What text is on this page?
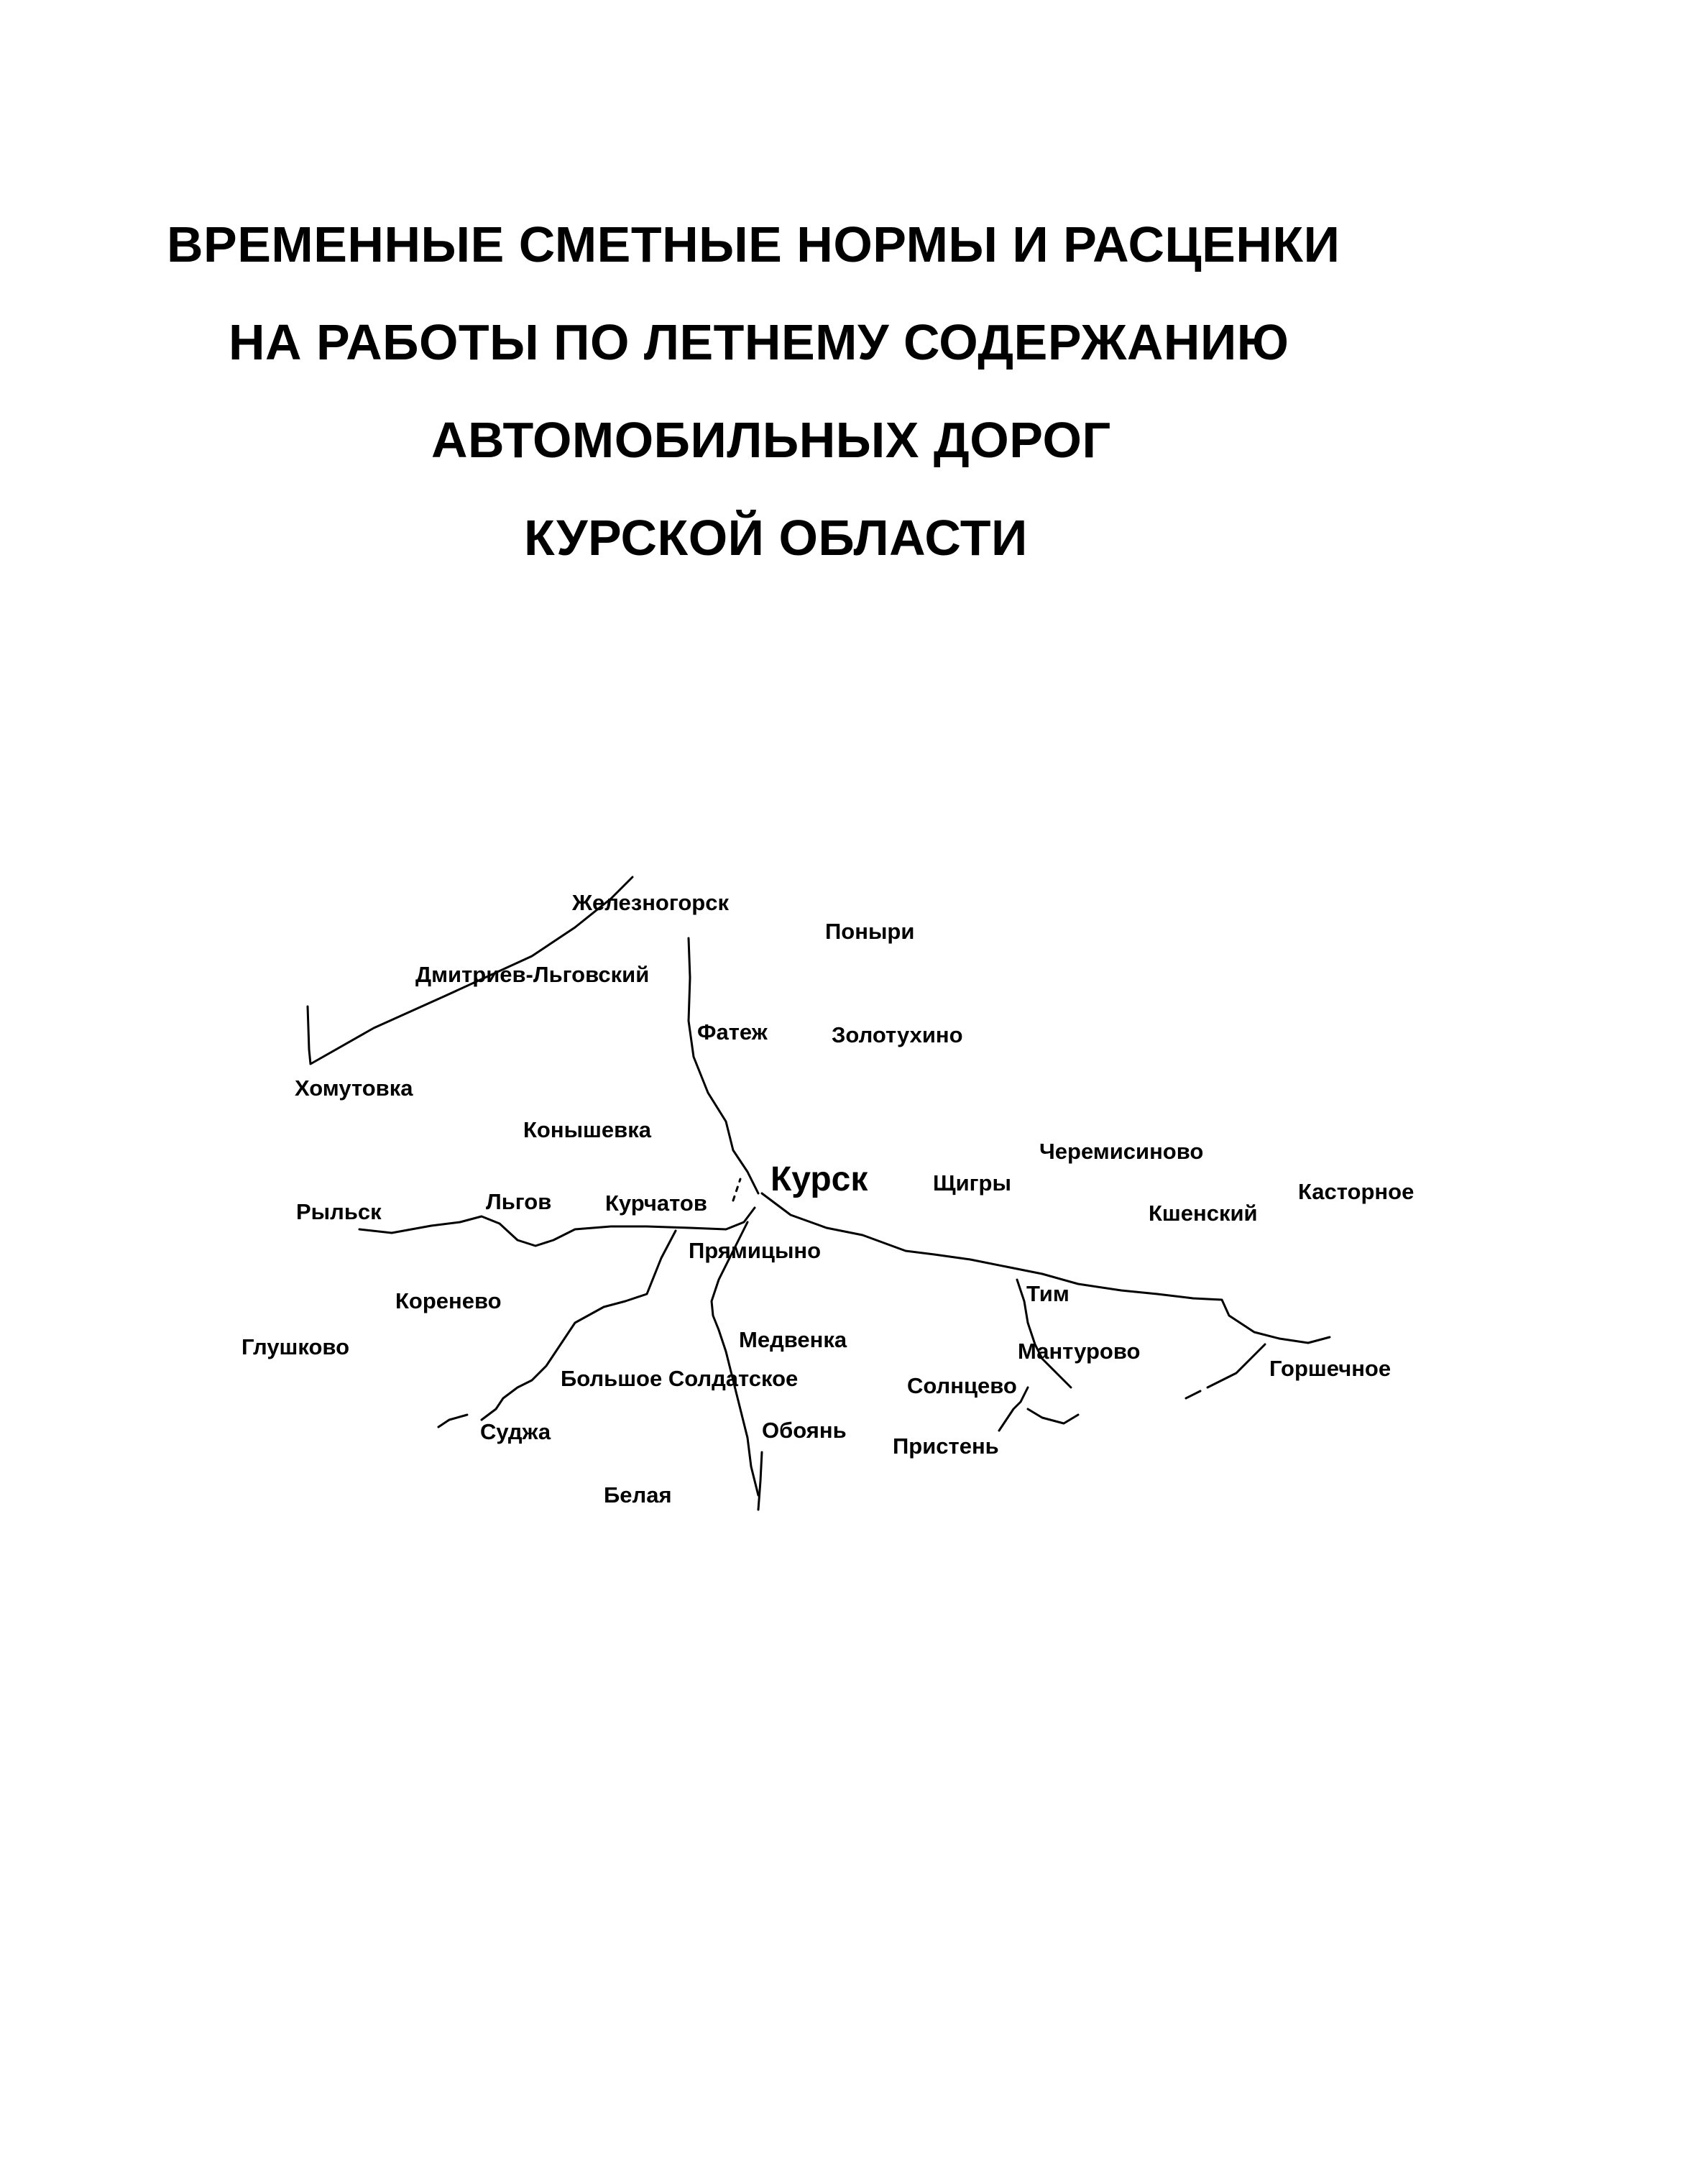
ВРЕМЕННЫЕ СМЕТНЫЕ НОРМЫ И РАСЦЕНКИ
НА РАБОТЫ ПО ЛЕТНЕМУ СОДЕРЖАНИЮ
АВТОМОБИЛЬНЫХ ДОРОГ
КУРСКОЙ ОБЛАСТИ
Железногорск
Поныри
Дмитриев-Льговский
Фатеж	Золотухино
Хомутовка
Конышевка
Черемисиново
Курск	Щигры	Касторное
Рыльск	Льгов Курчатов	Кшенский
Прямицыно
Тим
Коренево
Глушково	Медвенка	Мантурово
Большое Солдатское	Солнцево
Горшечное
Суджа	Обоянь
Пристень
Белая
